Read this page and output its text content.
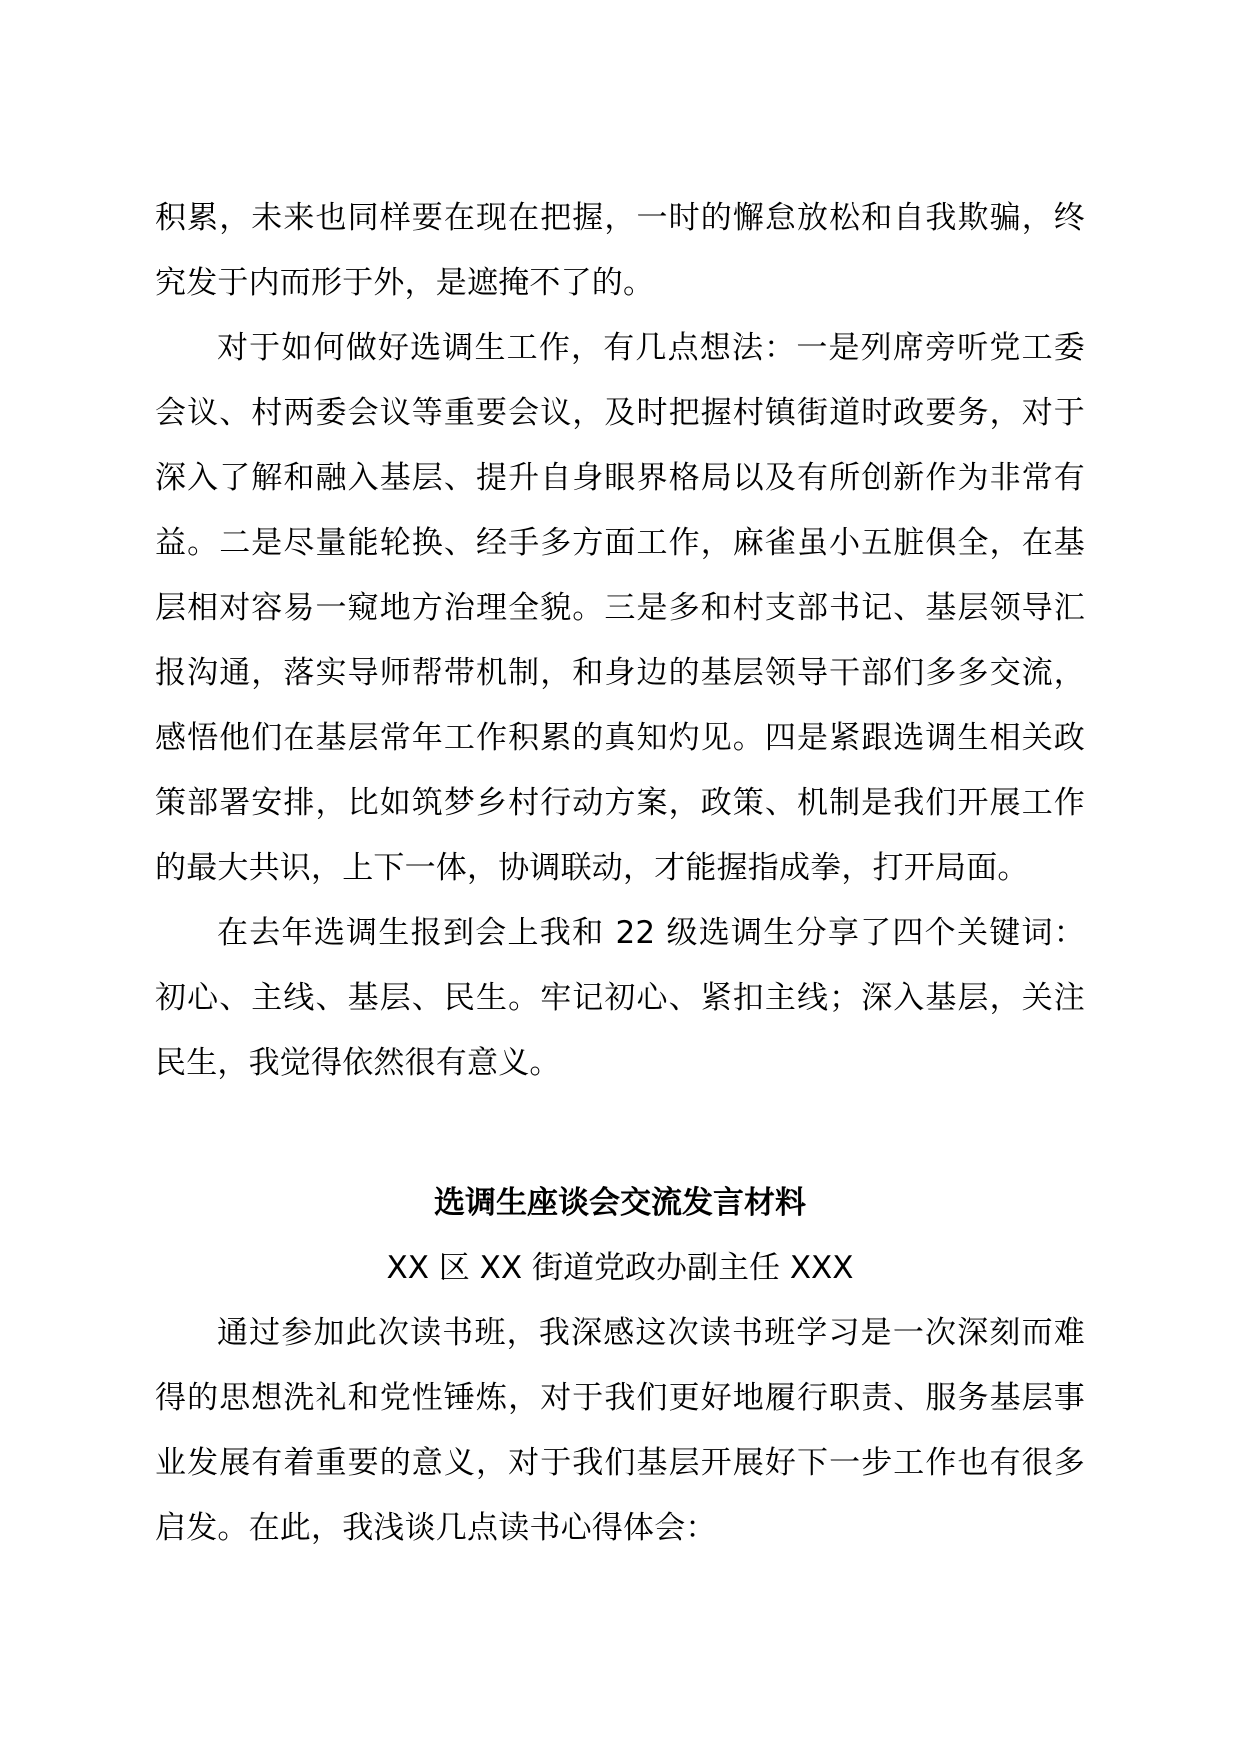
积累，未来也同样要在现在把握，一时的懈怠放松和自我欺骗，终究发于内而形于外，是遮掩不了的。

对于如何做好选调生工作，有几点想法：一是列席旁听党工委会议、村两委会议等重要会议，及时把握村镇街道时政要务，对于深入了解和融入基层、提升自身眼界格局以及有所创新作为非常有益。二是尽量能轮换、经手多方面工作，麻雀虽小五脏俱全，在基层相对容易一窥地方治理全貌。三是多和村支部书记、基层领导汇报沟通，落实导师帮带机制，和身边的基层领导干部们多多交流，感悟他们在基层常年工作积累的真知灼见。四是紧跟选调生相关政策部署安排，比如筑梦乡村行动方案，政策、机制是我们开展工作的最大共识，上下一体，协调联动，才能握指成拳，打开局面。

在去年选调生报到会上我和 22 级选调生分享了四个关键词：初心、主线、基层、民生。牢记初心、紧扣主线；深入基层，关注民生，我觉得依然很有意义。

选调生座谈会交流发言材料

XX 区 XX 街道党政办副主任 XXX

通过参加此次读书班，我深感这次读书班学习是一次深刻而难得的思想洗礼和党性锤炼，对于我们更好地履行职责、服务基层事业发展有着重要的意义，对于我们基层开展好下一步工作也有很多启发。在此，我浅谈几点读书心得体会：
